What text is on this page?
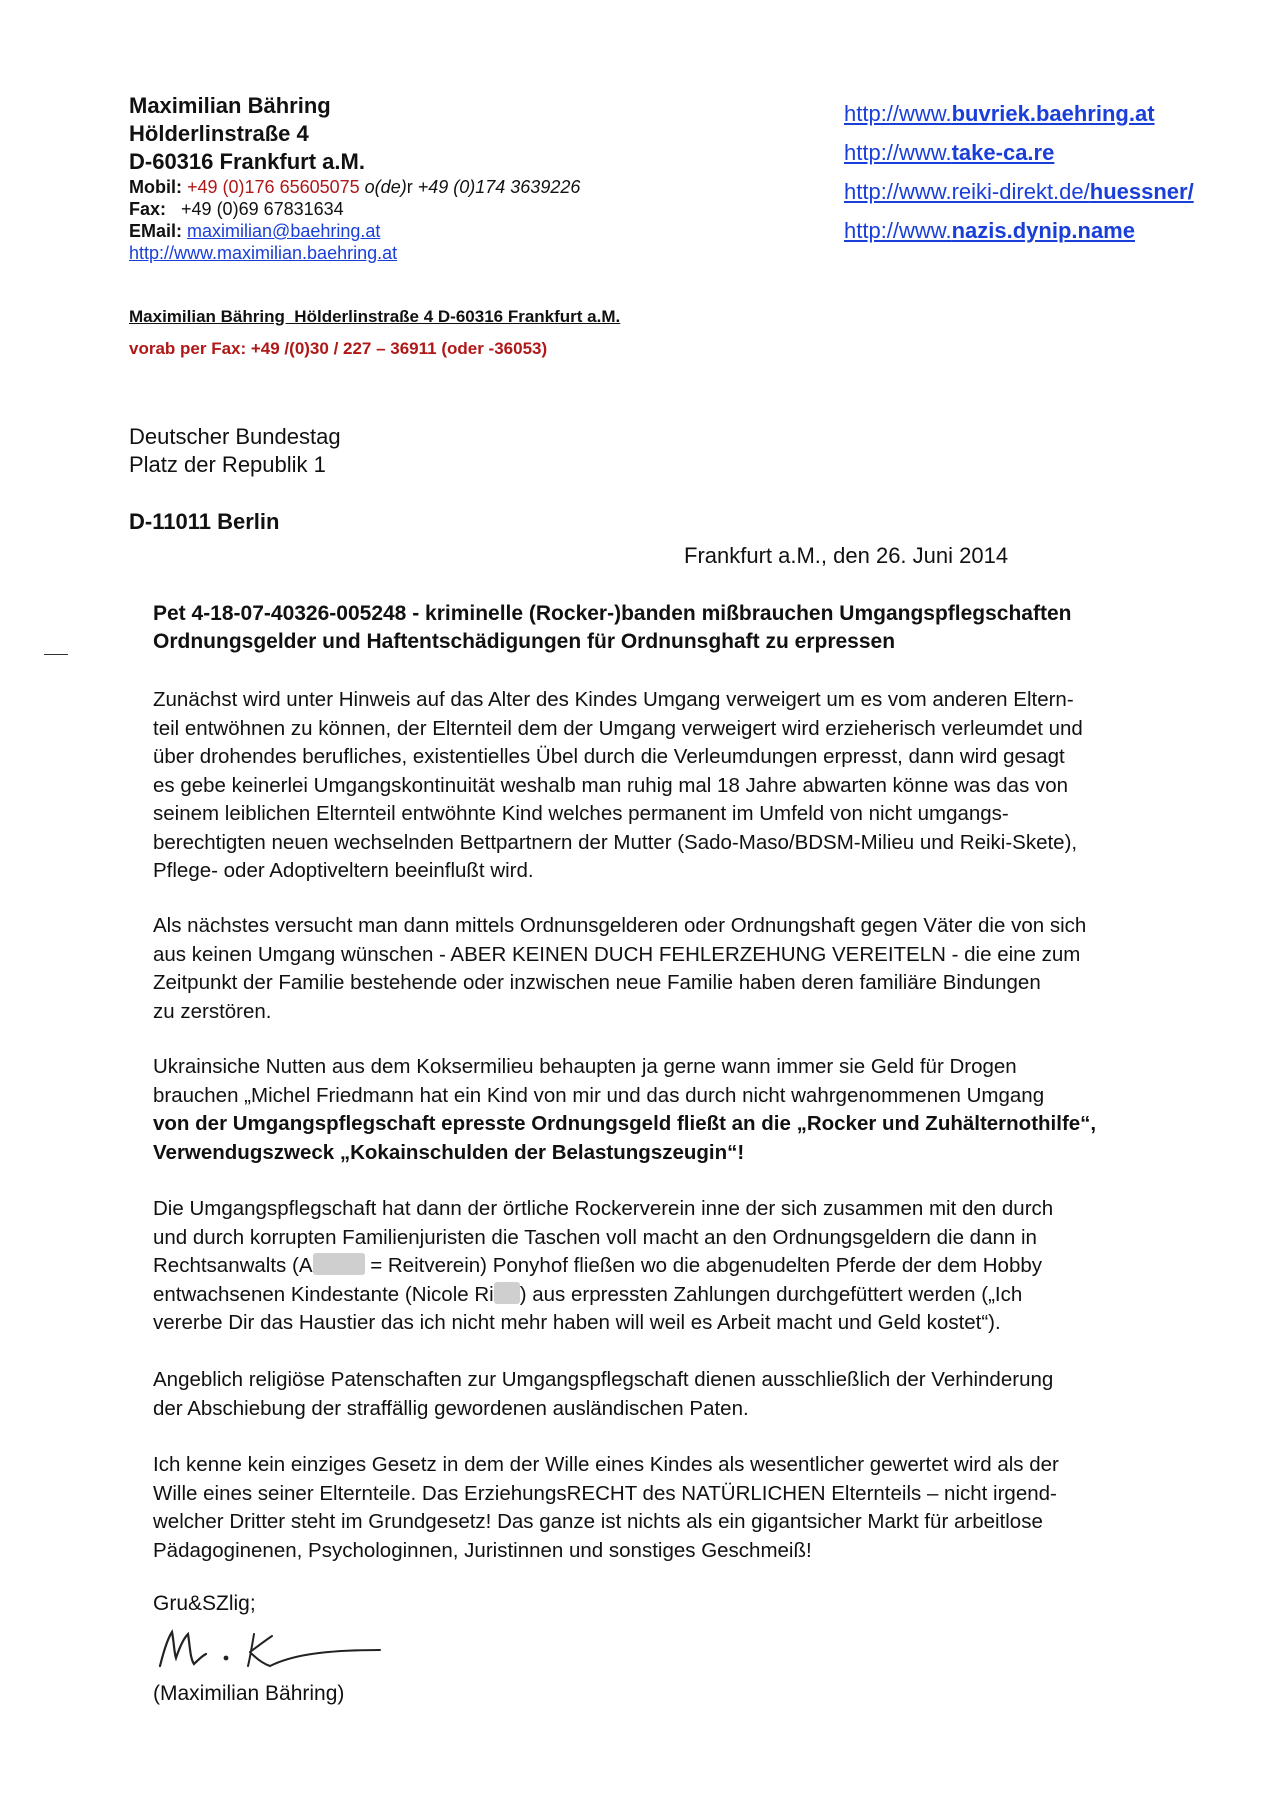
Maximilian Bähring
Hölderlinstraße 4
D-60316 Frankfurt a.M.
Mobil: +49 (0)176 65605075 o(de)r +49 (0)174 3639226
Fax: +49 (0)69 67831634
EMail: maximilian@baehring.at
http://www.maximilian.baehring.at
http://www.buvriek.baehring.at
http://www.take-ca.re
http://www.reiki-direkt.de/huessner/
http://www.nazis.dynip.name
Maximilian Bähring  Hölderlinstraße 4 D-60316 Frankfurt a.M.
vorab per Fax: +49 /(0)30 / 227 – 36911 (oder -36053)
Deutscher Bundestag
Platz der Republik 1
D-11011 Berlin
Frankfurt a.M., den 26. Juni 2014
Pet 4-18-07-40326-005248 - kriminelle (Rocker-)banden mißbrauchen Umgangspflegschaften
Ordnungsgelder und Haftentschädigungen für Ordnunsghaft zu erpressen
Zunächst wird unter Hinweis auf das Alter des Kindes Umgang verweigert um es vom anderen Eltern-
teil entwöhnen zu können, der Elternteil dem der Umgang verweigert wird erzieherisch verleumdet und
über drohendes berufliches, existentielles Übel durch die Verleumdungen erpresst, dann wird gesagt
es gebe keinerlei Umgangskontinuität weshalb man ruhig mal 18 Jahre abwarten könne was das von
seinem leiblichen Elternteil entwöhnte Kind welches permanent im Umfeld von nicht umgangs-
berechtigten neuen wechselnden Bettpartnern der Mutter (Sado-Maso/BDSM-Milieu und Reiki-Skete),
Pflege- oder Adoptiveltern beeinflußt wird.
Als nächstes versucht man dann mittels Ordnunsgelderen oder Ordnungshaft gegen Väter die von sich
aus keinen Umgang wünschen - ABER KEINEN DUCH FEHLERZEHUNG VEREITELN - die eine zum
Zeitpunkt der Familie bestehende oder inzwischen neue Familie haben deren familiäre Bindungen
zu zerstören.
Ukrainsiche Nutten aus dem Koksermilieu behaupten ja gerne wann immer sie Geld für Drogen
brauchen „Michel Friedmann hat ein Kind von mir und das durch nicht wahrgenommenen Umgang
von der Umgangspflegschaft epresste Ordnungsgeld fließt an die „Rocker und Zuhälternothilfe“,
Verwendugszweck „Kokainschulden der Belastungszeugin“!
Die Umgangspflegschaft hat dann der örtliche Rockerverein inne der sich zusammen mit den durch
und durch korrupten Familienjuristen die Taschen voll macht an den Ordnungsgeldern die dann in
Rechtsanwalts (A	= Reitverein) Ponyhof fließen wo die abgenudelten Pferde der dem Hobby
entwachsenen Kindestante (Nicole Ri ) aus erpressten Zahlungen durchgefüttert werden („Ich
vererbe Dir das Haustier das ich nicht mehr haben will weil es Arbeit macht und Geld kostet“).
Angeblich religiöse Patenschaften zur Umgangspflegschaft dienen ausschließlich der Verhinderung
der Abschiebung der straffällig gewordenen ausländischen Paten.
Ich kenne kein einziges Gesetz in dem der Wille eines Kindes als wesentlicher gewertet wird als der
Wille eines seiner Elternteile. Das ErziehungsRECHT des NATÜRLICHEN Elternteils – nicht irgend-
welcher Dritter steht im Grundgesetz! Das ganze ist nichts als ein gigantsicher Markt für arbeitlose
Pädagoginenen, Psychologinnen, Juristinnen und sonstiges Geschmeiß!
Gru&SZlig;
(Maximilian Bähring)
